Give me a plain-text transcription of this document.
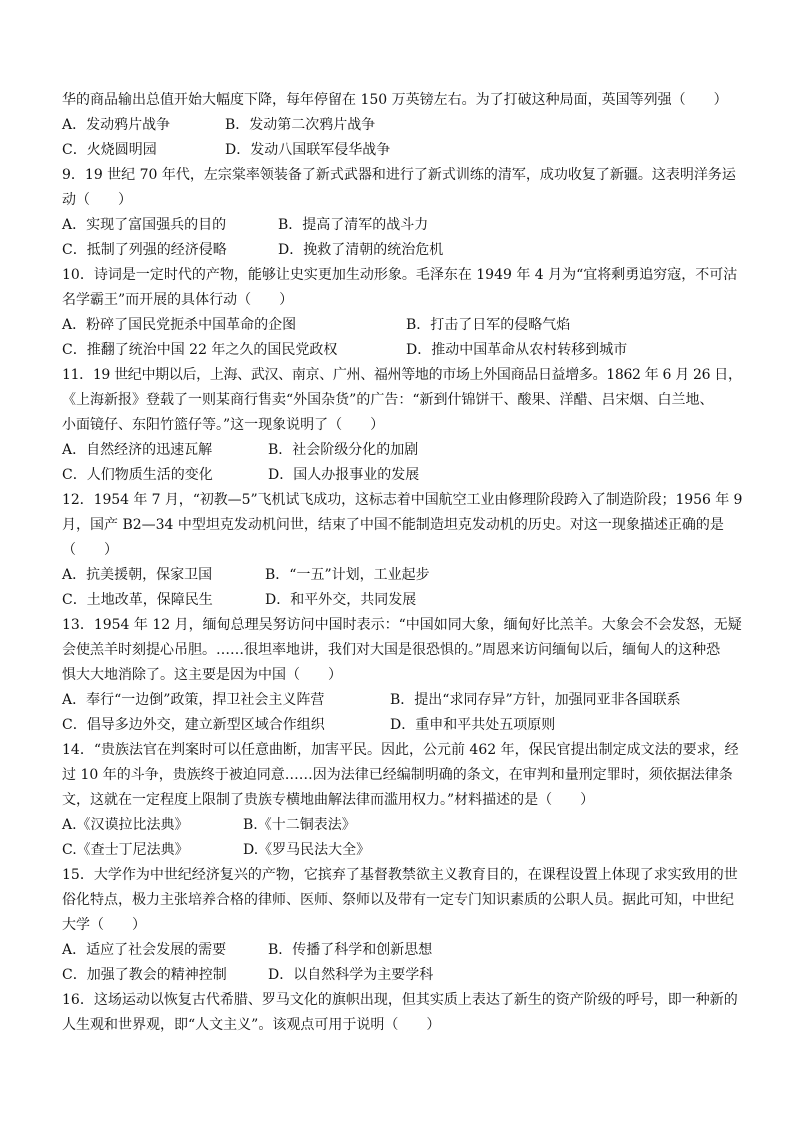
华的商品输出总值开始大幅度下降，每年停留在 150 万英镑左右。为了打破这种局面，英国等列强（　　）
A．发动鸦片战争	B．发动第二次鸦片战争
C．火烧圆明园	D．发动八国联军侵华战争
9．19 世纪 70 年代，左宗棠率领装备了新式武器和进行了新式训练的清军，成功收复了新疆。这表明洋务运
动（　　）
A．实现了富国强兵的目的	B．提高了清军的战斗力
C．抵制了列强的经济侵略	D．挽救了清朝的统治危机
10．诗词是一定时代的产物，能够让史实更加生动形象。毛泽东在 1949 年 4 月为“宜将剩勇追穷寇，不可沽
名学霸王”而开展的具体行动（　　）
A．粉碎了国民党扼杀中国革命的企图	B．打击了日军的侵略气焰
C．推翻了统治中国 22 年之久的国民党政权	D．推动中国革命从农村转移到城市
11．19 世纪中期以后，上海、武汉、南京、广州、福州等地的市场上外国商品日益增多。1862 年 6 月 26 日，
《上海新报》登载了一则某商行售卖“外国杂货”的广告：“新到什锦饼干、酸果、洋醋、吕宋烟、白兰地、
小面镜仔、东阳竹篮仔等。”这一现象说明了（　　）
A．自然经济的迅速瓦解	B．社会阶级分化的加剧
C．人们物质生活的变化	D．国人办报事业的发展
12．1954 年 7 月，“初教—5”飞机试飞成功，这标志着中国航空工业由修理阶段跨入了制造阶段；1956 年 9
月，国产 B2—34 中型坦克发动机问世，结束了中国不能制造坦克发动机的历史。对这一现象描述正确的是
（　　）
A．抗美援朝，保家卫国	B．“一五”计划，工业起步
C．土地改革，保障民生	D．和平外交，共同发展
13．1954 年 12 月，缅甸总理吴努访问中国时表示：“中国如同大象，缅甸好比羔羊。大象会不会发怒，无疑
会使羔羊时刻提心吊胆。……很坦率地讲，我们对大国是很恐惧的。”周恩来访问缅甸以后，缅甸人的这种恐
惧大大地消除了。这主要是因为中国（　　）
A．奉行“一边倒”政策，捍卫社会主义阵营	B．提出“求同存异”方针，加强同亚非各国联系
C．倡导多边外交，建立新型区域合作组织	D．重申和平共处五项原则
14．“贵族法官在判案时可以任意曲断，加害平民。因此，公元前 462 年，保民官提出制定成文法的要求，经
过 10 年的斗争，贵族终于被迫同意……因为法律已经编制明确的条文，在审判和量刑定罪时，须依据法律条
文，这就在一定程度上限制了贵族专横地曲解法律而滥用权力。”材料描述的是（　　）
A.《汉谟拉比法典》	B.《十二铜表法》
C.《查士丁尼法典》	D.《罗马民法大全》
15．大学作为中世纪经济复兴的产物，它摈弃了基督教禁欲主义教育目的，在课程设置上体现了求实致用的世
俗化特点，极力主张培养合格的律师、医师、祭师以及带有一定专门知识素质的公职人员。据此可知，中世纪
大学（　　）
A．适应了社会发展的需要	B．传播了科学和创新思想
C．加强了教会的精神控制	D．以自然科学为主要学科
16．这场运动以恢复古代希腊、罗马文化的旗帜出现，但其实质上表达了新生的资产阶级的呼号，即一种新的
人生观和世界观，即“人文主义”。该观点可用于说明（　　）
